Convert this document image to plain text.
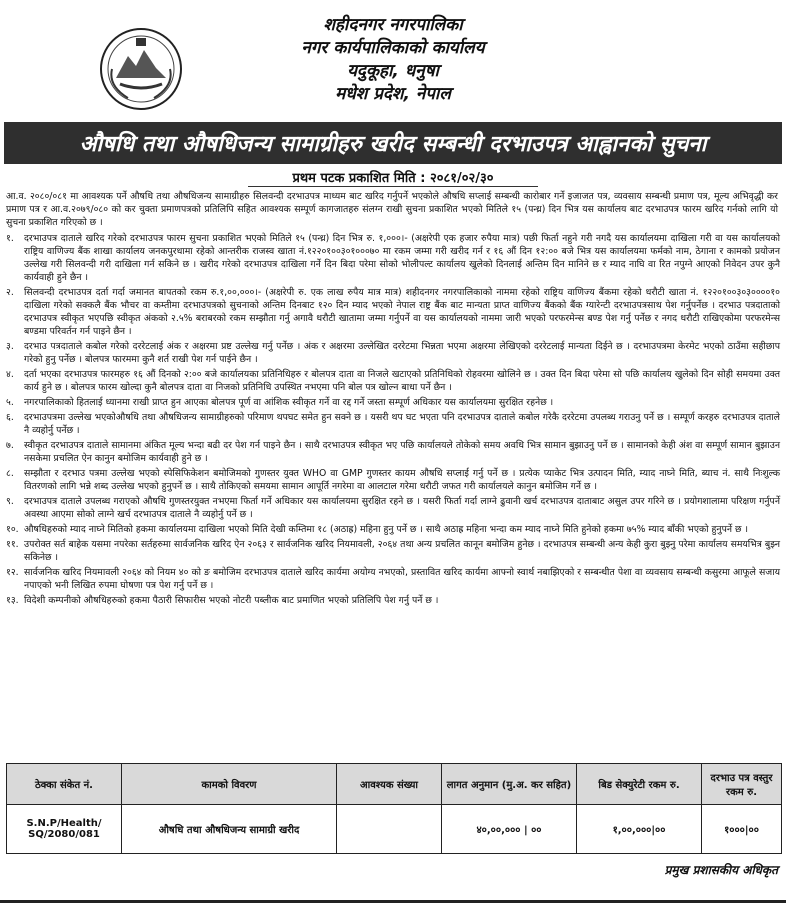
शहीदनगर नगरपालिका
नगर कार्यपालिकाको कार्यालय
यदुकूहा, धनुषा
मधेश प्रदेश, नेपाल
औषधि तथा औषधिजन्य सामाग्रीहरु खरीद सम्बन्धी दरभाउपत्र आह्वानको सुचना
प्रथम पटक प्रकाशित मिति : २०८१/०२/३०
आ.व. २०८०/०८१ मा आवश्यक पर्ने औषधि तथा औषधिजन्य सामाग्रीहरु सिलवन्दी दरभाउपत्र माध्यम बाट खरिद गर्नुपर्ने भएकोले औषधि सप्लाई सम्बन्धी कारोबार गर्ने इजाजत पत्र, व्यवसाय सम्बन्धी प्रमाण पत्र, मूल्य अभिवृद्धी कर प्रमाण पत्र र आ.व.२०७९/०८० को कर चुक्ता प्रमाणपत्रको प्रतिलिपि सहित आवश्यक सम्पूर्ण कागजातहरु संलग्न राखी सुचना प्रकाशित भएको मितिले १५ (पन्ध्र) दिन भित्र यस कार्यालय बाट दरभाउपत्र फारम खरिद गर्नको लागि यो सुचना प्रकाशित गरिएको छ ।
१.	दरभाउपत्र दाताले खरिद गरेको दरभाउपत्र फारम सुचना प्रकाशित भएको मितिले १५ (पन्ध्र) दिन भित्र रु. १,०००।- (अक्षरेपी एक हजार रुपैया मात्र) पछी फिर्ता नहुने गरी नगदै यस कार्यालयमा दाखिला गरी वा यस कार्यालयको राष्ट्रिय वाणिज्य बैंक शाखा कार्यालय जनकपुरधामा रहेको आन्तरीक राजस्व खाता नं.१२२०१००३०१०००७० मा रकम जम्मा गरी खरीद गर्न र १६ औं दिन १२:०० बजे भित्र यस कार्यालयमा फर्मको नाम, ठेगाना र कामको प्रयोजन उल्लेख गरी सिलवन्दी गरी दाखिला गर्न सकिने छ । खरीद गरेको दरभाउपत्र दाखिला गर्ने दिन बिदा परेमा सोको भोलीपल्ट कार्यालय खुलेको दिनलाई अन्तिम दिन मानिने छ र म्याद नाघि वा रित नपुग्ने आएको निवेदन उपर कुनै कार्यवाही हुने छैन ।
२.	सिलवन्दी दरभाउपत्र दर्ता गर्दा जमानत बापतको रकम रु.१,००,०००।- (अक्षरेपी रु. एक लाख रुपैय मात्र मात्र) शहीदनगर नगरपालिकाको नाममा रहेको राष्ट्रिय वाणिज्य बैंकमा रहेको धरौटी खाता नं. १२२०१००३०३००००१० दाखिला गरेको सक्कलै बैंक भौचर वा कम्तीमा दरभाउपत्रको सुचनाको अन्तिम दिनबाट १२० दिन म्याद भएको नेपाल राष्ट्र बैंक बाट मान्यता प्राप्त वाणिज्य बैंकको बैंक ग्यारेन्टी दरभाउपत्रसाथ पेश गर्नुपर्नेछ । दरभाउ पत्रदाताको दरभाउपत्र स्वीकृत भएपछि स्वीकृत अंकको २.५% बराबरको रकम सम्झौता गर्नु अगावै धरौटी खातामा जम्मा गर्नुपर्ने वा यस कार्यालयको नाममा जारी भएको परफरमेन्स बण्ड पेश गर्नु पर्नेछ र नगद धरौटी राखिएकोमा परफरमेन्स बण्डमा परिवर्तन गर्न पाइने छैन ।
३.	दरभाउ पत्रदाताले कबोल गरेको दररेटलाई अंक र अक्षरमा प्रष्ट उल्लेख गर्नु पर्नेछ । अंक र अक्षरमा उल्लेखित दररेटमा भिन्नता भएमा अक्षरमा लेखिएको दररेटलाई मान्यता दिईने छ । दरभाउपत्रमा केरमेट भएको ठाउँमा सहीछाप गरेको हुनु पर्नेछ । बोलपत्र फारममा कुनै शर्त राखी पेश गर्न पाईने छैन ।
४.	दर्ता भएका दरभाउपत्र फारमहरु १६ औं दिनको २:०० बजे कार्यालयका प्रतिनिधिहरु र बोलपत्र दाता वा निजले खटाएको प्रतिनिधिको रोहवरमा खोलिने छ । उक्त दिन बिदा परेमा सो पछि कार्यालय खुलेको दिन सोही समयमा उक्त कार्य हुने छ । बोलपत्र फारम खोल्दा कुनै बोलपत्र दाता वा निजको प्रतिनिधि उपस्थित नभएमा पनि बोल पत्र खोल्न बाधा पर्ने छैन ।
५.	नगरपालिकाको हितलाई ध्यानमा राखी प्राप्त हुन आएका बोलपत्र पूर्ण वा आंशिक स्वीकृत गर्ने वा रद्द गर्ने जस्ता सम्पूर्ण अधिकार यस कार्यालयमा सुरक्षित रहनेछ ।
६.	दरभाउपत्रमा उल्लेख भएकोऔषधि तथा औषधिजन्य सामाग्रीहरुको परिमाण थपघट समेत हुन सक्ने छ । यसरी थप घट भएता पनि दरभाउपत्र दाताले कबोल गरेकै दररेटमा उपलब्ध गराउनु पर्ने छ । सम्पूर्ण करहरु दरभाउपत्र दाताले नै व्यहोर्नु पर्नेछ ।
७.	स्वीकृत दरभाउपत्र दाताले सामानमा अंकित मूल्य भन्दा बढी दर पेश गर्न पाइने छैन । साथै दरभाउपत्र स्वीकृत भए पछि कार्यालयले तोकेको समय अवधि भित्र सामान बुझाउनु पर्ने छ । सामानको केही अंश वा सम्पूर्ण सामान बुझाउन नसकेमा प्रचलित ऐन कानुन बमोजिम कार्यवाही हुने छ ।
८.	सम्झौता र दरभाउ पत्रमा उल्लेख भएको स्पेसिफिकेशन बमोजिमको गुणस्तर युक्त WHO वा GMP गुणस्तर कायम औषधि सप्लाई गर्नु पर्ने छ । प्रत्येक प्याकेट भित्र उत्पादन मिति, म्याद नाघ्ने मिति, ब्याच नं. साथै निःशुल्क वितरणको लागि भन्ने शब्द उल्लेख भएको हुनुपर्ने छ । साथै तोकिएको समयमा सामान आपूर्ति नगरेमा वा आलटाल गरेमा धरौटी जफत गरी कार्यालयले कानुन बमोजिम गर्ने छ ।
९.	दरभाउपत्र दाताले उपलब्ध गराएको औषधि गुणस्तरयुक्त नभएमा फिर्ता गर्ने अधिकार यस कार्यालयमा सुरक्षित रहने छ । यसरी फिर्ता गर्दा लाग्ने ढुवानी खर्च दरभाउपत्र दाताबाट असुल उपर गरिने छ । प्रयोगशालामा परिक्षण गर्नुपर्ने अवस्था आएमा सोको लाग्ने खर्च दरभाउपत्र दाताले नै व्यहोर्नु पर्ने छ ।
१०. औषधिहरुको म्याद नाघ्ने मितिको हकमा कार्यालयमा दाखिला भएको मिति देखी कम्तिमा १८ (अठाह्र) महिना हुनु पर्ने छ । साथै अठाह्र महिना भन्दा कम म्याद नाघ्ने मिति हुनेको हकमा ७५% म्याद बाँकी भएको हुनुपर्ने छ ।
११. उपरोक्त सर्त बाहेक यसमा नपरेका सर्तहरुमा सार्वजनिक खरिद ऐन २०६३ र सार्वजनिक खरिद नियमावली, २०६४ तथा अन्य प्रचलित कानून बमोजिम हुनेछ । दरभाउपत्र सम्बन्धी अन्य केही कुरा बुझ्नु परेमा कार्यालय समयभित्र बुझ्न सकिनेछ ।
१२. सार्वजनिक खरिद नियमावली २०६४ को नियम ४० को ङ बमोजिम दरभाउपत्र दाताले खरिद कार्यमा अयोग्य नभएको, प्रस्तावित खरिद कार्यमा आफ्नो स्वार्थ नबाझिएको र सम्बन्धीत पेशा वा व्यवसाय सम्बन्धी कसुरमा आफूले सजाय नपाएको भनी लिखित रुपमा घोषणा पत्र पेश गर्नु पर्ने छ ।
१३. विदेशी कम्पनीको औषधिहरुको हकमा पैठारी सिफारीस भएको नोटरी पब्लीक बाट प्रमाणित भएको प्रतिलिपि पेश गर्नु पर्ने छ ।
ठेक्का संकेत नं.	कामको विवरण	आवश्यक संख्या	लागत अनुमान (मु.अ. कर सहित)	बिड सेक्युरेटी रकम रु.	दरभाउ पत्र वस्तुर रकम रु.
S.N.P/Health/ SQ/2080/081	औषधि तथा औषधिजन्य सामाग्री खरीद		४०,००,००० | ००	१,००,०००|००	१०००|००
प्रमुख प्रशासकीय अधिकृत
